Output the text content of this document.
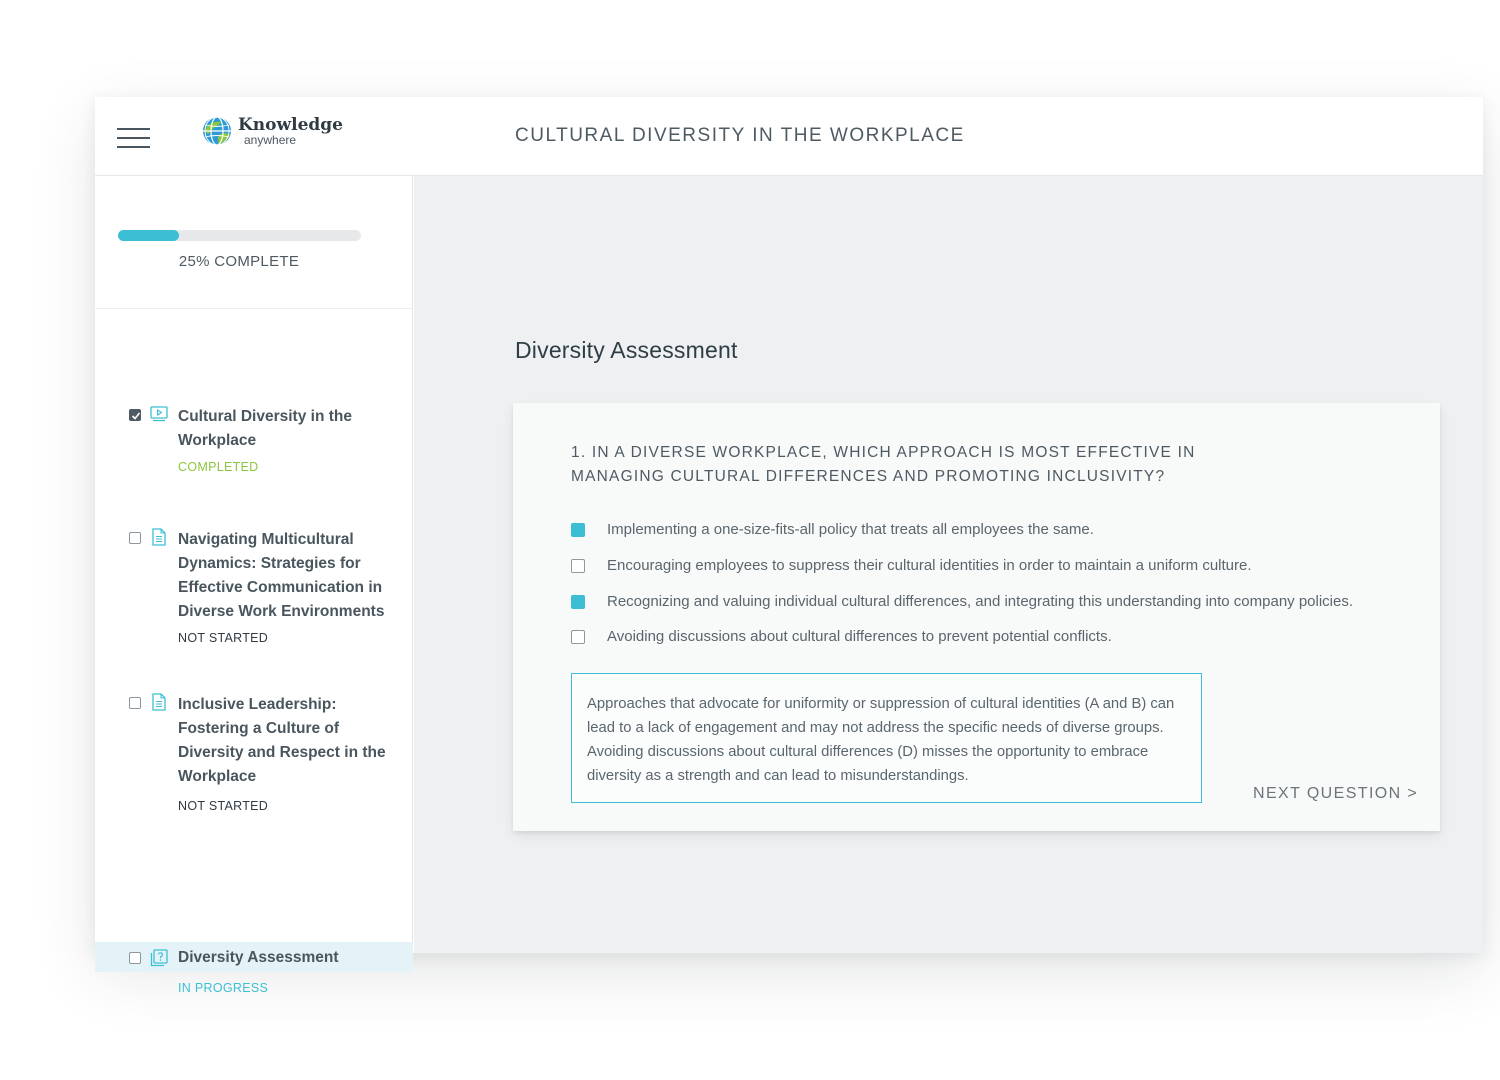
Knowledge
anywhere	CULTURAL DIVERSITY IN THE WORKPLACE
25% COMPLETE
Cultural Diversity in the Workplace
COMPLETED
Navigating Multicultural Dynamics: Strategies for Effective Communication in Diverse Work Environments
NOT STARTED
Inclusive Leadership: Fostering a Culture of Diversity and Respect in the Workplace
NOT STARTED
Diversity Assessment
IN PROGRESS
Diversity Assessment
1. IN A DIVERSE WORKPLACE, WHICH APPROACH IS MOST EFFECTIVE IN MANAGING CULTURAL DIFFERENCES AND PROMOTING INCLUSIVITY?
Implementing a one-size-fits-all policy that treats all employees the same.
Encouraging employees to suppress their cultural identities in order to maintain a uniform culture.
Recognizing and valuing individual cultural differences, and integrating this understanding into company policies.
Avoiding discussions about cultural differences to prevent potential conflicts.
Approaches that advocate for uniformity or suppression of cultural identities (A and B) can lead to a lack of engagement and may not address the specific needs of diverse groups. Avoiding discussions about cultural differences (D) misses the opportunity to embrace diversity as a strength and can lead to misunderstandings.
NEXT QUESTION >
